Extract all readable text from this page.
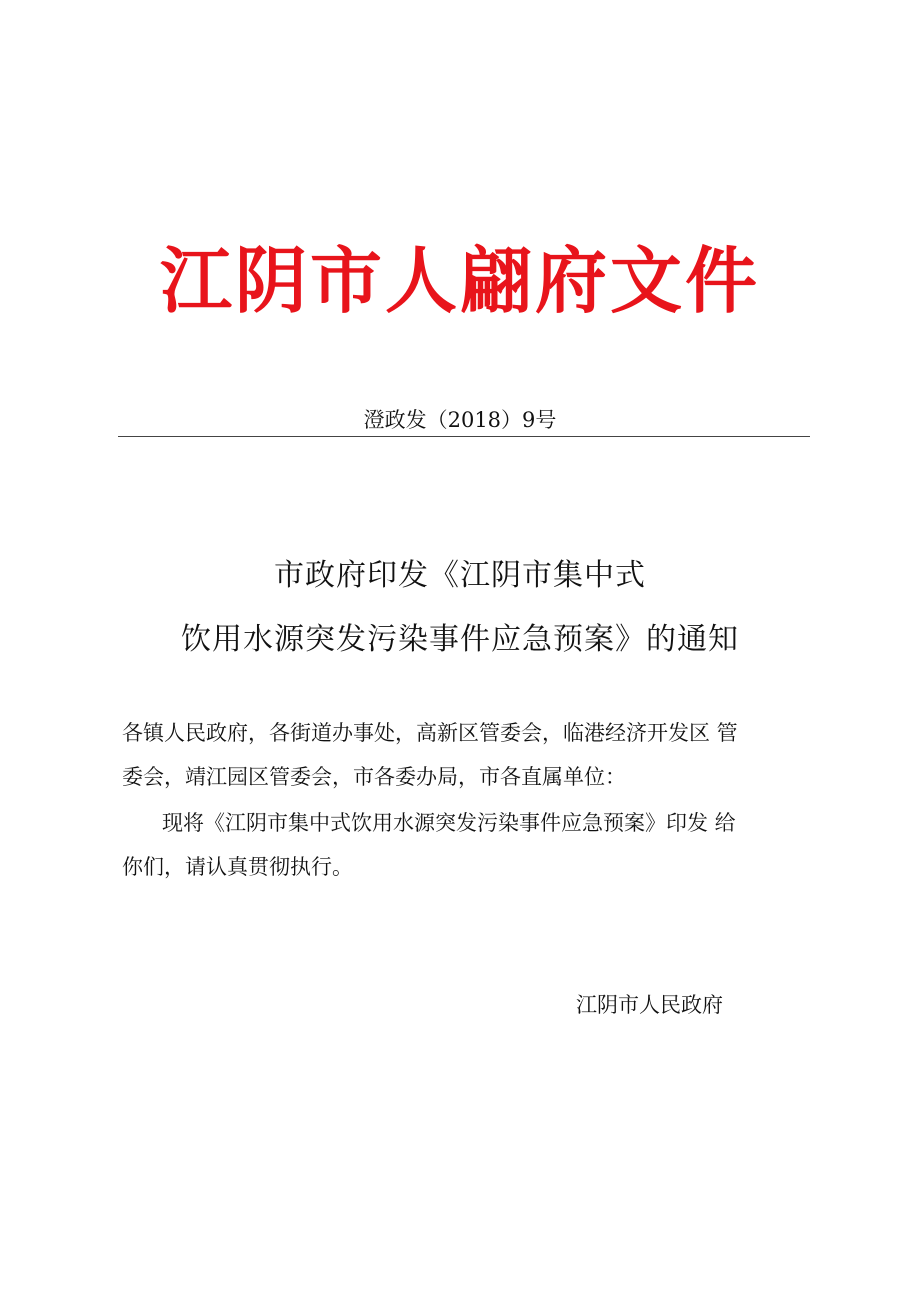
江阴市人翩府文件
澄政发（2018）9号
市政府印发《江阴市集中式
饮用水源突发污染事件应急预案》的通知
各镇人民政府，各街道办事处，高新区管委会，临港经济开发区 管
委会，靖江园区管委会，市各委办局，市各直属单位：
现将《江阴市集中式饮用水源突发污染事件应急预案》印发 给
你们，请认真贯彻执行。
江阴市人民政府
